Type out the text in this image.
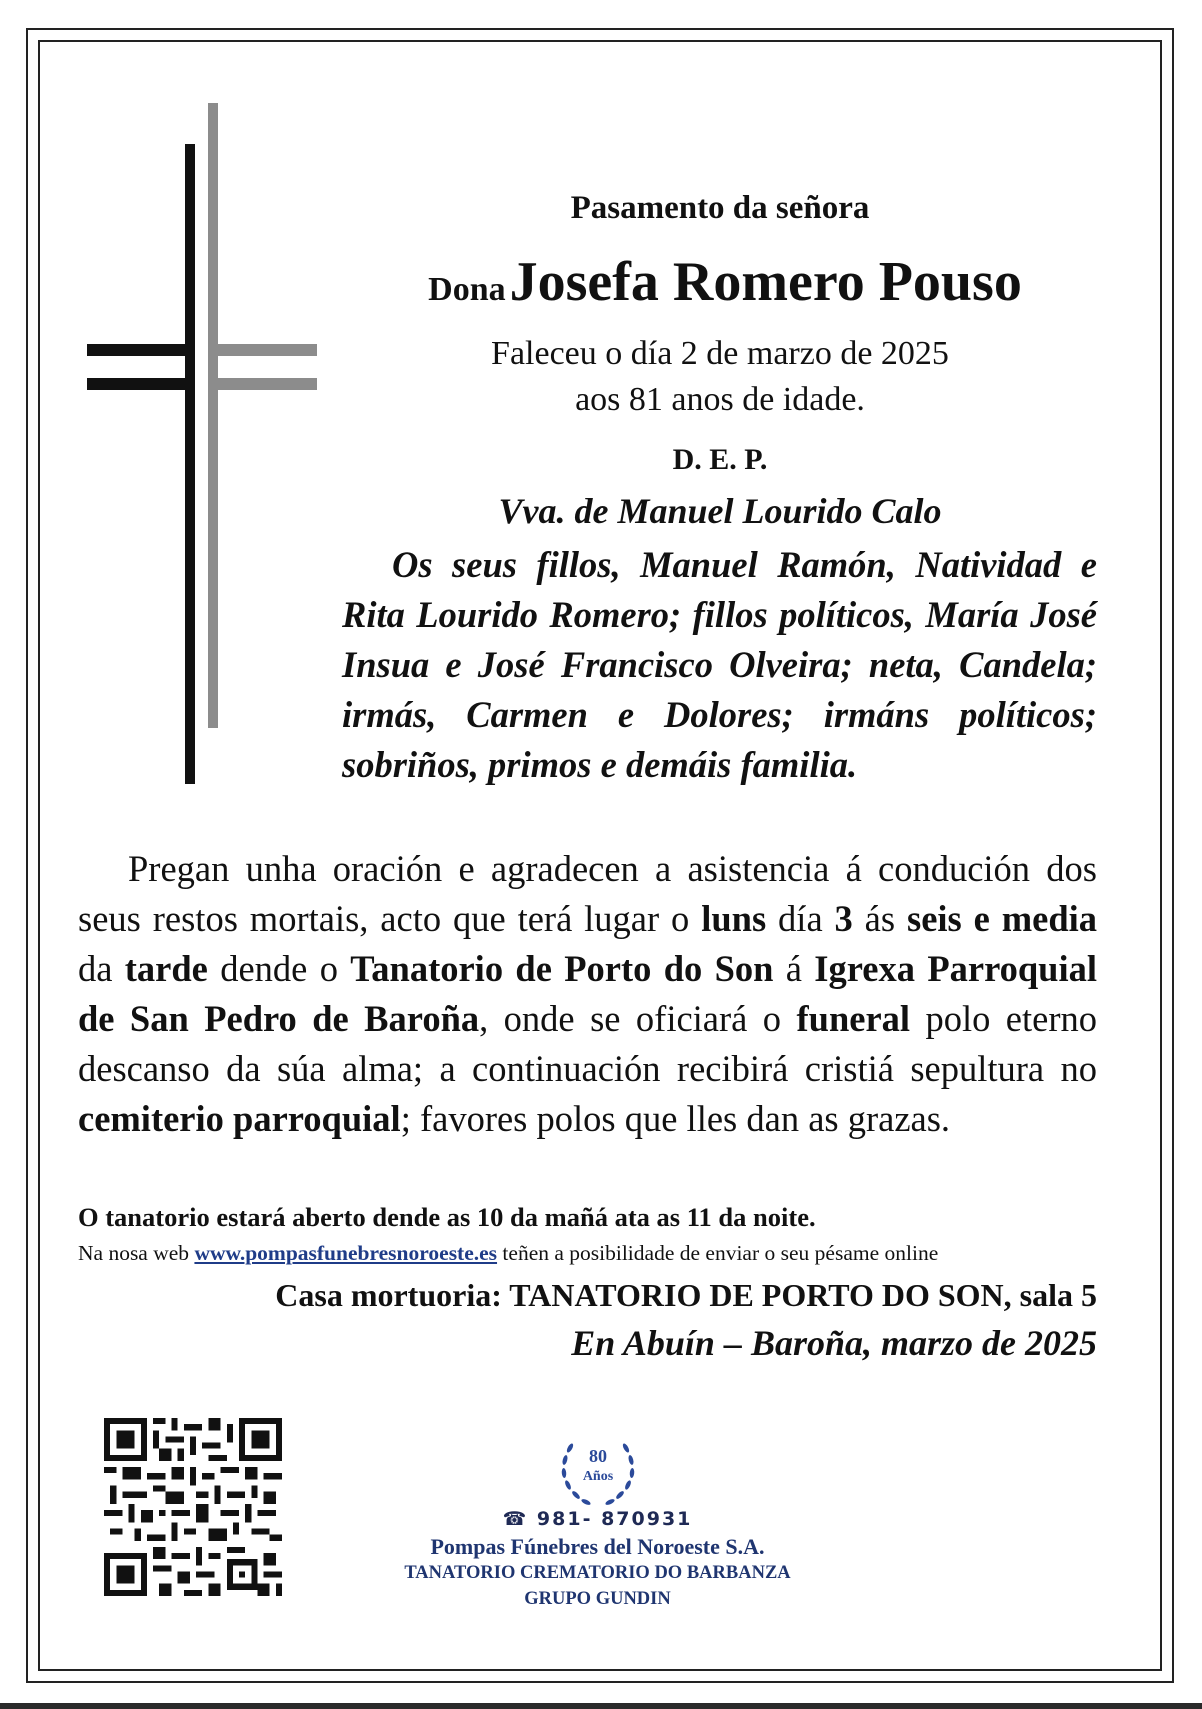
Pasamento da señora
Dona Josefa Romero Pouso
Faleceu o día 2 de marzo de 2025
aos 81 anos de idade.
D. E. P.
Vva. de Manuel Lourido Calo
Os seus fillos, Manuel Ramón, Natividad e Rita Lourido Romero; fillos políticos, María José Insua e José Francisco Olveira; neta, Candela; irmás, Carmen e Dolores; irmáns políticos; sobriños, primos e demáis familia.
Pregan unha oración e agradecen a asistencia á condución dos seus restos mortais, acto que terá lugar o luns día 3 ás seis e media da tarde dende o Tanatorio de Porto do Son á Igrexa Parroquial de San Pedro de Baroña, onde se oficiará o funeral polo eterno descanso da súa alma; a continuación recibirá cristiá sepultura no cemiterio parroquial; favores polos que lles dan as grazas.
O tanatorio estará aberto dende as 10 da mañá ata as 11 da noite.
Na nosa web www.pompasfunebresnoroeste.es teñen a posibilidade de enviar o seu pésame online
Casa mortuoria: TANATORIO DE PORTO DO SON, sala 5
En Abuín – Baroña, marzo de 2025
80
Años
☎ 981- 870931
Pompas Fúnebres del Noroeste S.A.
TANATORIO CREMATORIO DO BARBANZA
GRUPO GUNDIN
